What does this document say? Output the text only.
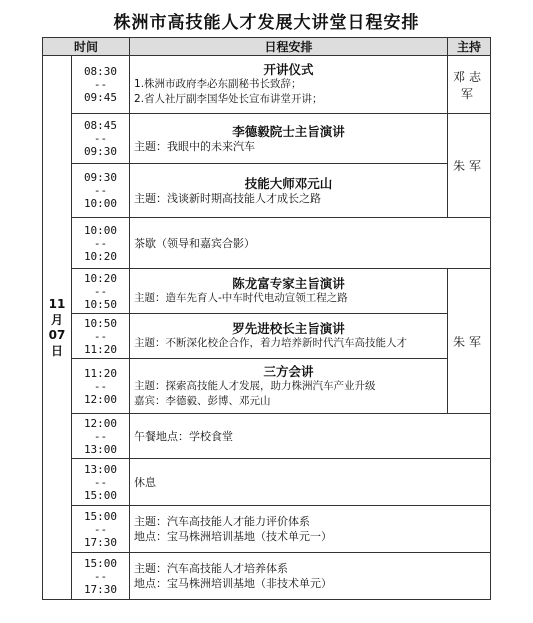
株洲市高技能人才发展大讲堂日程安排
时间		日程安排	主持
11月07日	08:30
--
09:45	开讲仪式
1.株洲市政府李必东副秘书长致辞；
2.省人社厅副李国华处长宣布讲堂开讲；	邓志军

	08:45
--
09:30	李德毅院士主旨演讲
主题：我眼中的未来汽车	朱军

	09:30
--
10:00	技能大师邓元山
主题：浅谈新时期高技能人才成长之路	

	10:00
--
10:20	茶歇（领导和嘉宾合影）	

	10:20
--
10:50	陈龙富专家主旨演讲
主题：造车先育人-中车时代电动宣领工程之路	朱军

	10:50
--
11:20	罗先进校长主旨演讲
主题：不断深化校企合作，着力培养新时代汽车高技能人才	

	11:20
--
12:00	三方会讲
主题：探索高技能人才发展，助力株洲汽车产业升级
嘉宾：李德毅、彭博、邓元山	

	12:00
--
13:00	午餐地点：学校食堂	

	13:00
--
15:00	休息	

	15:00
--
17:30	主题：汽车高技能人才能力评价体系
地点：宝马株洲培训基地（技术单元一）	

	15:00
--
17:30	主题：汽车高技能人才培养体系
地点：宝马株洲培训基地（非技术单元）	
